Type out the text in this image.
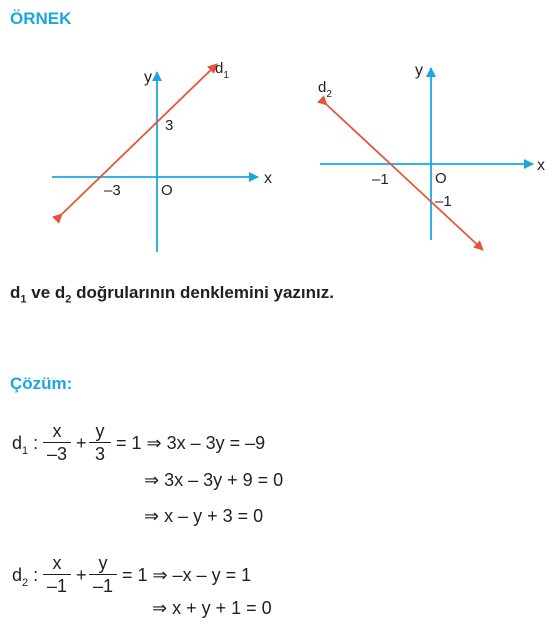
ÖRNEK
y
x
3
–3	O
$d_1$	y
x
–1	O
–1
$d_2$
$d_1$ ve $d_2$ doğrularının denklemini yazınız.
Çözüm:
$d_1$ : $\frac{x}{-3} + \frac{y}{3} = 1$ ⇒ 3x – 3y = –9
⇒ 3x – 3y + 9 = 0
⇒ x – y + 3 = 0
$d_2$ : $\frac{x}{-1} + \frac{y}{-1} = 1$ ⇒ –x – y = 1
⇒ x + y + 1 = 0
